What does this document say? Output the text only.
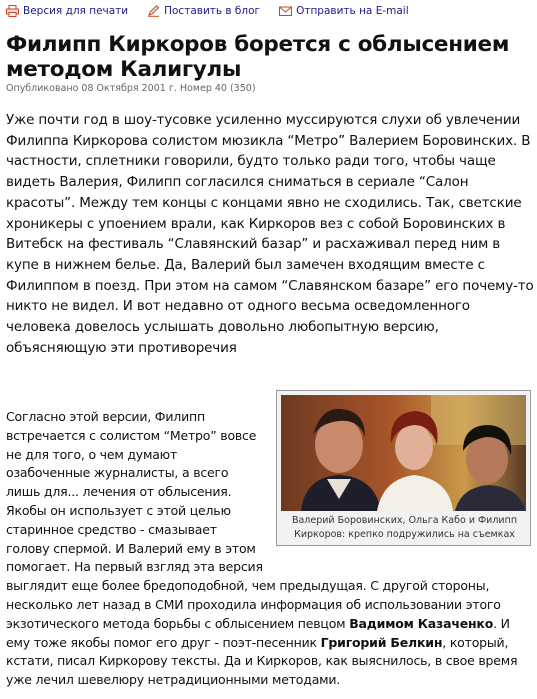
Версия для печати	Поставить в блог	Отправить на E-mail
Филипп Киркоров борется с облысением методом Калигулы
Опубликовано 08 Октября 2001 г. Номер 40 (350)

Уже почти год в шоу-тусовке усиленно муссируются слухи об увлечении Филиппа Киркорова солистом мюзикла “Метро” Валерием Боровинских. В частности, сплетники говорили, будто только ради того, чтобы чаще видеть Валерия, Филипп согласился сниматься в сериале “Салон красоты”. Между тем концы с концами явно не сходились. Так, светские хроникеры с упоением врали, как Киркоров вез с собой Боровинских в Витебск на фестиваль “Славянский базар” и расхаживал перед ним в купе в нижнем белье. Да, Валерий был замечен входящим вместе с Филиппом в поезд. При этом на самом “Славянском базаре” его почему-то никто не видел. И вот недавно от одного весьма осведомленного человека довелось услышать довольно любопытную версию, объясняющую эти противоречия

Валерий Боровинских, Ольга Кабо и Филипп Киркоров: крепко подружились на съемках
Согласно этой версии, Филипп
встречается с солистом “Метро” вовсе
не для того, о чем думают
озабоченные журналисты, а всего
лишь для... лечения от облысения.
Якобы он использует с этой целью
старинное средство - смазывает
голову спермой. И Валерий ему в этом
помогает. На первый взгляд эта версия
выглядит еще более бредоподобной, чем предыдущая. С другой стороны,
несколько лет назад в СМИ проходила информация об использовании этого
экзотического метода борьбы с облысением певцом Вадимом Казаченко. И
ему тоже якобы помог его друг - поэт-песенник Григорий Белкин, который,
кстати, писал Киркорову тексты. Да и Киркоров, как выяснилось, в свое время
уже лечил шевелюру нетрадиционными методами.
